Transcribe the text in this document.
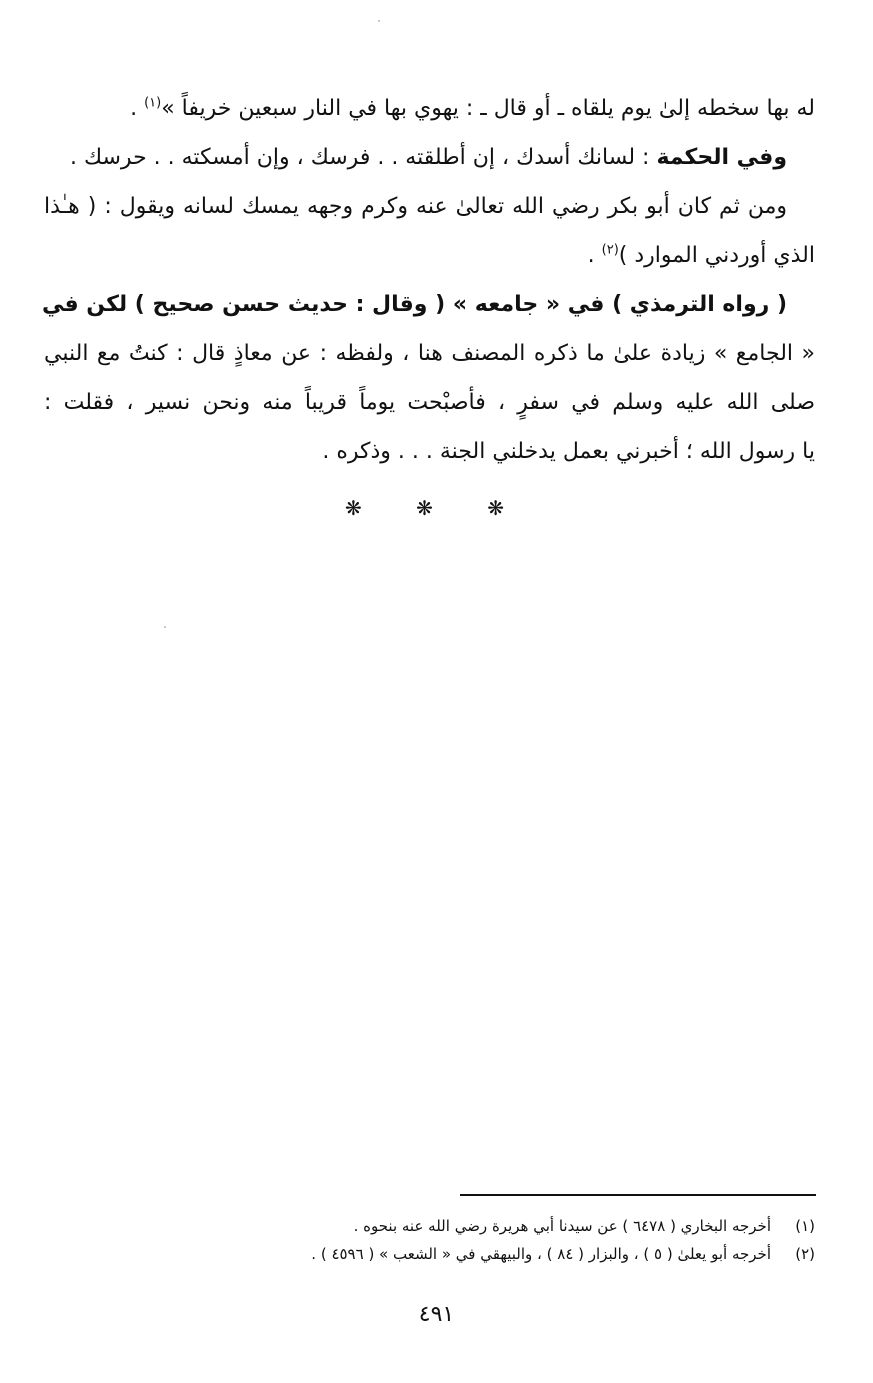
له بها سخطه إلىٰ يوم يلقاه ـ أو قال ـ : يهوي بها في النار سبعين خريفاً »$^{(١)}$ .

وفي الحكمة : لسانك أسدك ، إن أطلقته . . فرسك ، وإن أمسكته . . حرسك .

ومن ثم كان أبو بكر رضي الله تعالىٰ عنه وكرم وجهه يمسك لسانه ويقول : ( هـٰذا
الذي أوردني الموارد )$^{(٢)}$ .

( رواه الترمذي ) في « جامعه » ( وقال : حديث حسن صحيح ) لكن في
« الجامع » زيادة علىٰ ما ذكره المصنف هنا ، ولفظه : عن معاذٍ قال : كنتُ مع النبي
صلى الله عليه وسلم في سفرٍ ، فأصبْحت يوماً قريباً منه ونحن نسير ، فقلت :
يا رسول الله ؛ أخبرني بعمل يدخلني الجنة . . . وذكره .

❋ ❋ ❋
(١)
أخرجه البخاري ( ٦٤٧٨ ) عن سيدنا أبي هريرة رضي الله عنه بنحوه .
(٢)
أخرجه أبو يعلىٰ ( ٥ ) ، والبزار ( ٨٤ ) ، والبيهقي في « الشعب » ( ٤٥٩٦ ) .
٤٩١
